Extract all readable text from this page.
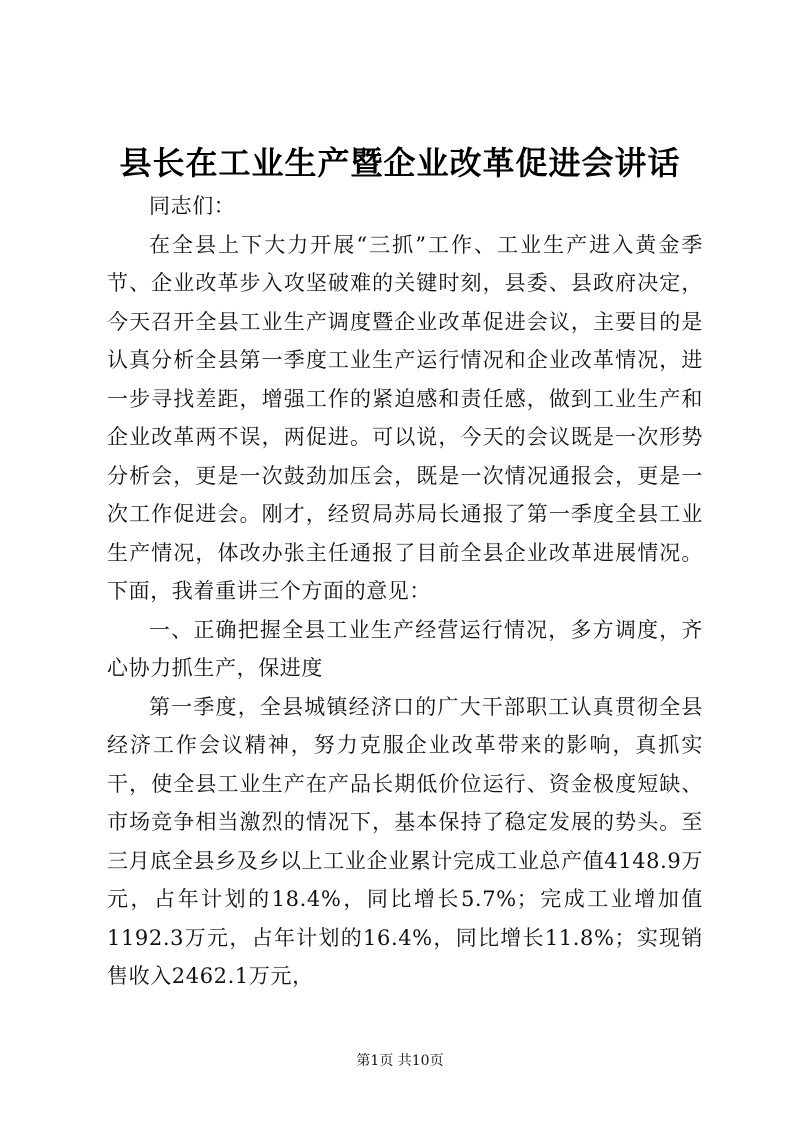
县长在工业生产暨企业改革促进会讲话

同志们：

在全县上下大力开展“三抓”工作、工业生产进入黄金季节、企业改革步入攻坚破难的关键时刻，县委、县政府决定，今天召开全县工业生产调度暨企业改革促进会议，主要目的是认真分析全县第一季度工业生产运行情况和企业改革情况，进一步寻找差距，增强工作的紧迫感和责任感，做到工业生产和企业改革两不误，两促进。可以说，今天的会议既是一次形势分析会，更是一次鼓劲加压会，既是一次情况通报会，更是一次工作促进会。刚才，经贸局苏局长通报了第一季度全县工业生产情况，体改办张主任通报了目前全县企业改革进展情况。下面，我着重讲三个方面的意见：

一、正确把握全县工业生产经营运行情况，多方调度，齐心协力抓生产，保进度

第一季度，全县城镇经济口的广大干部职工认真贯彻全县经济工作会议精神，努力克服企业改革带来的影响，真抓实干，使全县工业生产在产品长期低价位运行、资金极度短缺、市场竞争相当激烈的情况下，基本保持了稳定发展的势头。至三月底全县乡及乡以上工业企业累计完成工业总产值4148.9万元，占年计划的18.4%，同比增长5.7%；完成工业增加值1192.3万元，占年计划的16.4%，同比增长11.8%；实现销售收入2462.1万元，

第1页 共10页
